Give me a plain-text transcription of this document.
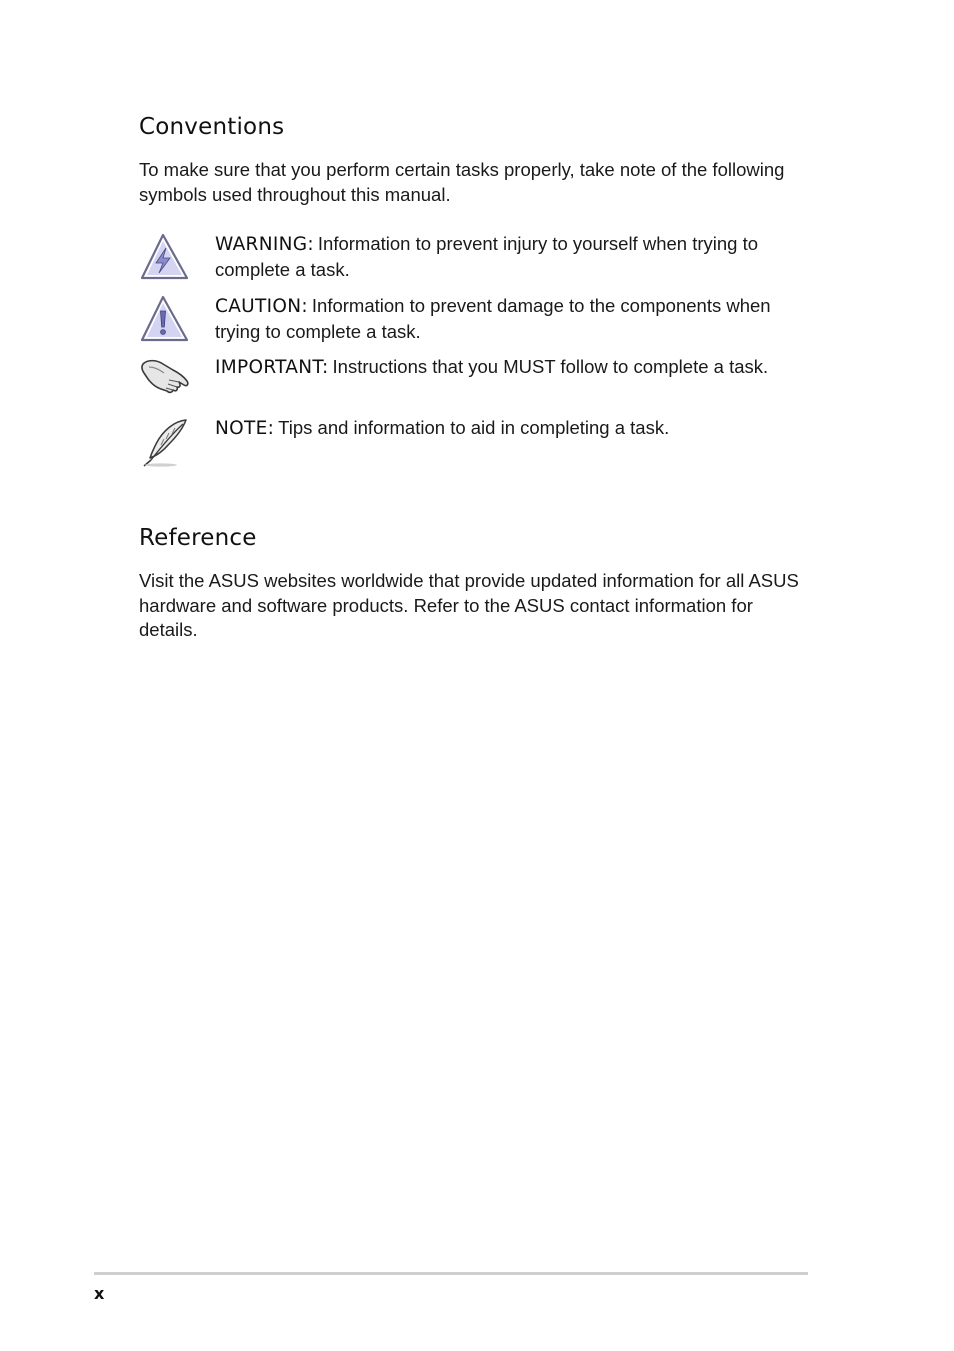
Conventions

To make sure that you perform certain tasks properly, take note of the following symbols used throughout this manual.

WARNING: Information to prevent injury to yourself when trying to complete a task.

CAUTION: Information to prevent damage to the components when trying to complete a task.

IMPORTANT: Instructions that you MUST follow to complete a task.

NOTE: Tips and information to aid in completing a task.

Reference

Visit the ASUS websites worldwide that provide updated information for all ASUS hardware and software products. Refer to the ASUS contact information for details.

x
